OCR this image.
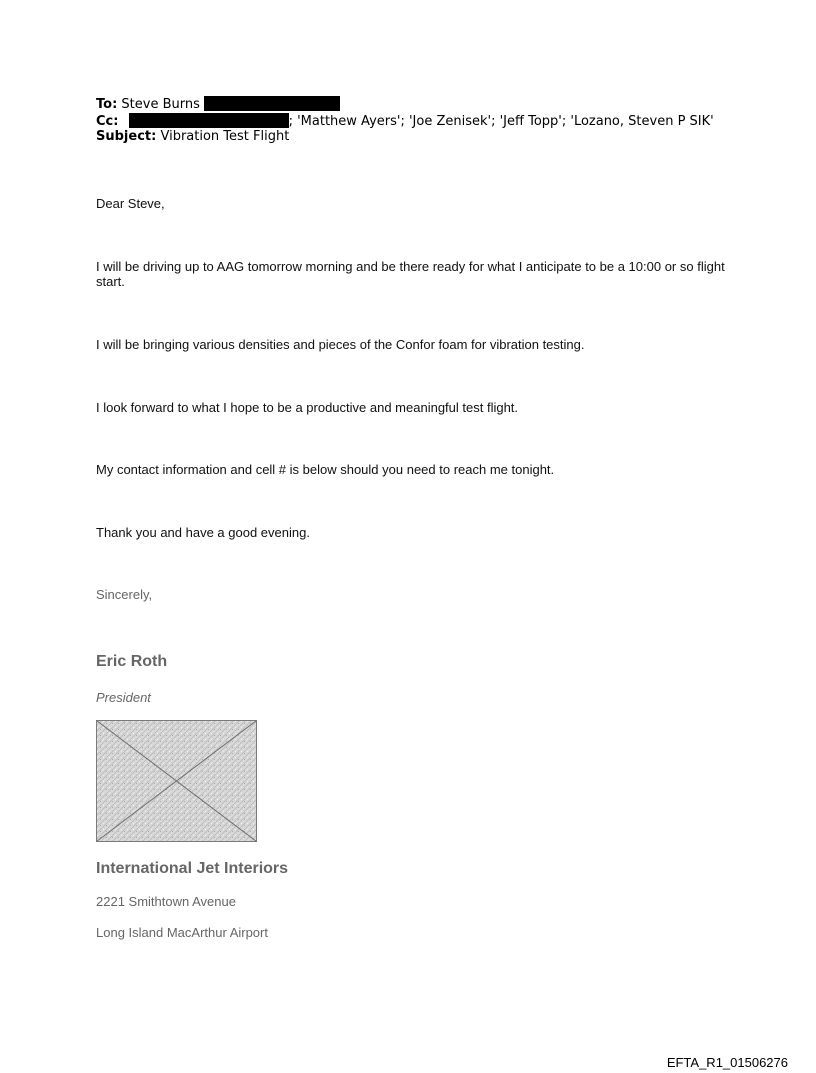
To: Steve Burns
Cc:	; 'Matthew Ayers'; 'Joe Zenisek'; 'Jeff Topp'; 'Lozano, Steven P SIK'
Subject: Vibration Test Flight
Dear Steve,
I will be driving up to AAG tomorrow morning and be there ready for what I anticipate to be a 10:00 or so flight start.
I will be bringing various densities and pieces of the Confor foam for vibration testing.
I look forward to what I hope to be a productive and meaningful test flight.
My contact information and cell # is below should you need to reach me tonight.
Thank you and have a good evening.
Sincerely,
Eric Roth
President
International Jet Interiors
2221 Smithtown Avenue
Long Island MacArthur Airport
EFTA_R1_01506276
